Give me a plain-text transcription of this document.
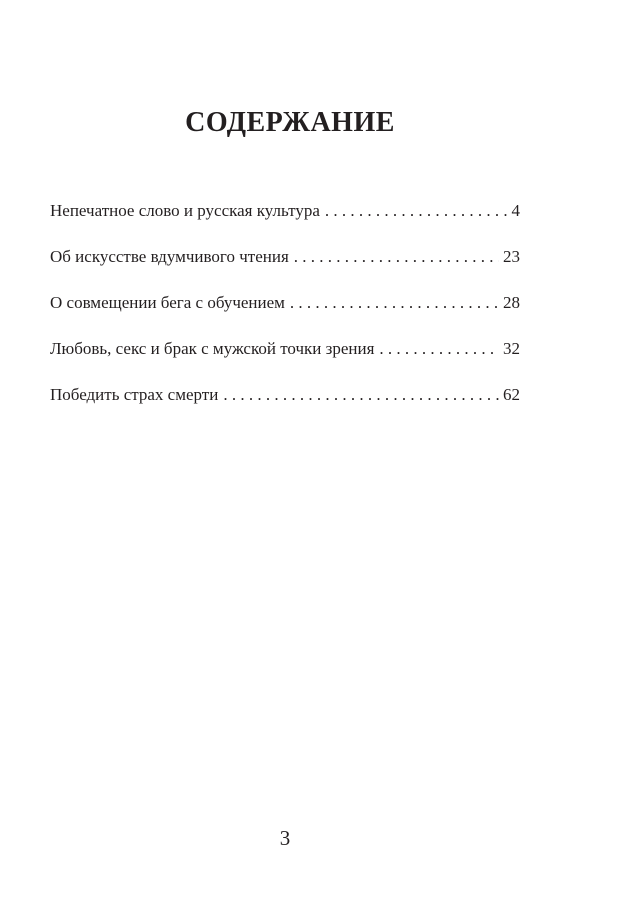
СОДЕРЖАНИЕ
Непечатное слово и русская культура . . .	4
Об искусстве вдумчивого чтения . . .	23
О совмещении бега с обучением . . .	28
Любовь, секс и брак с мужской точки зрения . . .	32
Победить страх смерти . . .	62
3
